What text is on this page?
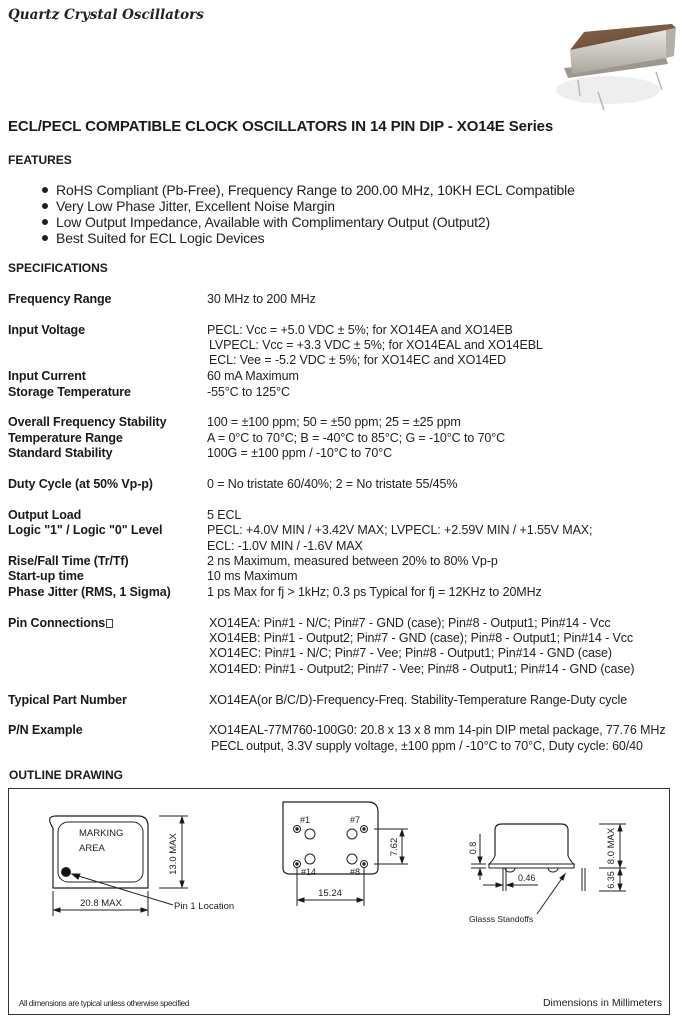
Quartz Crystal Oscillators
ECL/PECL COMPATIBLE CLOCK OSCILLATORS IN 14 PIN DIP - XO14E Series
FEATURES
RoHS Compliant (Pb-Free), Frequency Range to 200.00 MHz, 10KH ECL Compatible
Very Low Phase Jitter, Excellent Noise Margin
Low Output Impedance, Available with Complimentary Output (Output2)
Best Suited for ECL Logic Devices
SPECIFICATIONS
Frequency Range	30 MHz to 200 MHz
Input Voltage	PECL: Vcc = +5.0 VDC ± 5%; for XO14EA and XO14EB
LVPECL: Vcc = +3.3 VDC ± 5%; for XO14EAL and XO14EBL
ECL: Vee = -5.2 VDC ± 5%; for XO14EC and XO14ED
Input Current	60 mA Maximum
Storage Temperature	-55°C to 125°C
Overall Frequency Stability	100 = ±100 ppm; 50 = ±50 ppm; 25 = ±25 ppm
Temperature Range	A = 0°C to 70°C; B = -40°C to 85°C; G = -10°C to 70°C
Standard Stability	100G = ±100 ppm / -10°C to 70°C
Duty Cycle (at 50% Vp-p)	0 = No tristate 60/40%; 2 = No tristate 55/45%
Output Load	5 ECL
Logic "1" / Logic "0" Level	PECL: +4.0V MIN / +3.42V MAX; LVPECL: +2.59V MIN / +1.55V MAX;
ECL: -1.0V MIN / -1.6V MAX
Rise/Fall Time (Tr/Tf)	2 ns Maximum, measured between 20% to 80% Vp-p
Start-up time	10 ms Maximum
Phase Jitter (RMS, 1 Sigma)	1 ps Max for fj > 1kHz; 0.3 ps Typical for fj = 12KHz to 20MHz
Pin Connections	XO14EA: Pin#1 - N/C; Pin#7 - GND (case); Pin#8 - Output1; Pin#14 - Vcc
XO14EB: Pin#1 - Output2; Pin#7 - GND (case); Pin#8 - Output1; Pin#14 - Vcc
XO14EC: Pin#1 - N/C; Pin#7 - Vee; Pin#8 - Output1; Pin#14 - GND (case)
XO14ED: Pin#1 - Output2; Pin#7 - Vee; Pin#8 - Output1; Pin#14 - GND (case)
Typical Part Number	XO14EA(or B/C/D)-Frequency-Freq. Stability-Temperature Range-Duty cycle
P/N Example	XO14EAL-77M760-100G0: 20.8 x 13 x 8 mm 14-pin DIP metal package, 77.76 MHz
PECL output, 3.3V supply voltage, ±100 ppm / -10°C to 70°C, Duty cycle: 60/40
OUTLINE DRAWING
MARKING
AREA	13.0 MAX
20.8 MAX	Pin 1 Location
#1	#7
#14	#8
7.62
15.24
0.8
0.46
8.0 MAX
6.35
Glasss Standoffs
All dimensions are typical unless otherwise specified	Dimensions in Millimeters
